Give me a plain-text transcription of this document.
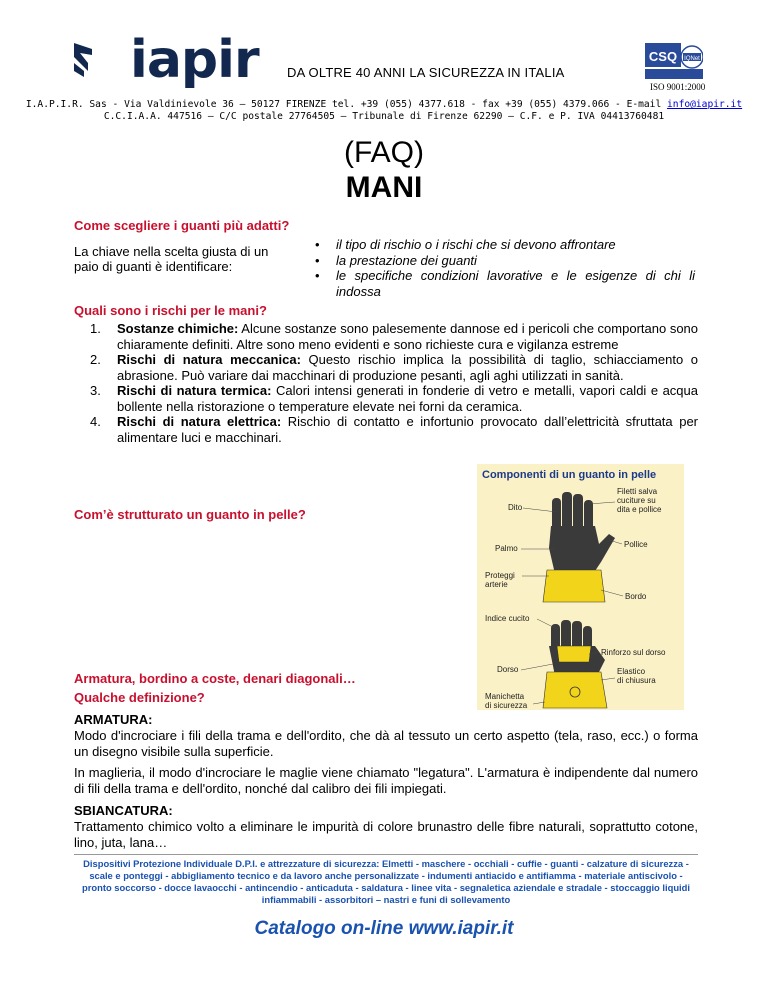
iapir DA OLTRE 40 ANNI LA SICUREZZA IN ITALIA
CSQ IQNet
ISO 9001:2000
I.A.P.I.R. Sas - Via Valdinievole 36 – 50127 FIRENZE tel. +39 (055) 4377.618 - fax +39 (055) 4379.066 - E-mail info@iapir.it
C.C.I.A.A. 447516 – C/C postale 27764505 – Tribunale di Firenze 62290 – C.F. e P. IVA 04413760481
(FAQ)
MANI
Come scegliere i guanti più adatti?
La chiave nella scelta giusta di un paio di guanti è identificare:
• il tipo di rischio o i rischi che si devono affrontare
• la prestazione dei guanti
• le specifiche condizioni lavorative e le esigenze di chi li indossa
Quali sono i rischi per le mani?
1. Sostanze chimiche: Alcune sostanze sono palesemente dannose ed i pericoli che comportano sono chiaramente definiti. Altre sono meno evidenti e sono richieste cura e vigilanza estreme
2. Rischi di natura meccanica: Questo rischio implica la possibilità di taglio, schiacciamento o abrasione. Può variare dai macchinari di produzione pesanti, agli aghi utilizzati in sanità.
3. Rischi di natura termica: Calori intensi generati in fonderie di vetro e metalli, vapori caldi e acqua bollente nella ristorazione o temperature elevate nei forni da ceramica.
4. Rischi di natura elettrica: Rischio di contatto e infortunio provocato dall’elettricità sfruttata per alimentare luci e macchinari.
Com’è strutturato un guanto in pelle?
Armatura, bordino a coste, denari diagonali…
Qualche definizione?
Componenti di un guanto in pelle
Dito
Filetti salva
cuciture su
dita e pollice
Pollice
Palmo
Proteggi
arterie
Bordo
Indice cucito
Rinforzo sul dorso
Dorso	Elastico
di chiusura
Manichetta
di sicurezza
ARMATURA:
Modo d'incrociare i fili della trama e dell'ordito, che dà al tessuto un certo aspetto (tela, raso, ecc.) o forma un disegno visibile sulla superficie.
In maglieria, il modo d'incrociare le maglie viene chiamato "legatura". L'armatura è indipendente dal numero di fili della trama e dell'ordito, nonché dal calibro dei fili impiegati.
SBIANCATURA:
Trattamento chimico volto a eliminare le impurità di colore brunastro delle fibre naturali, soprattutto cotone, lino, juta, lana…
Dispositivi Protezione Individuale D.P.I. e attrezzature di sicurezza: Elmetti - maschere - occhiali - cuffie - guanti - calzature di sicurezza - scale e ponteggi - abbigliamento tecnico e da lavoro anche personalizzate - indumenti antiacido e antifiamma - materiale antiscivolo - pronto soccorso - docce lavaocchi - antincendio - anticaduta - saldatura - linee vita - segnaletica aziendale e stradale - stoccaggio liquidi infiammabili - assorbitori – nastri e funi di sollevamento
Catalogo on-line www.iapir.it
